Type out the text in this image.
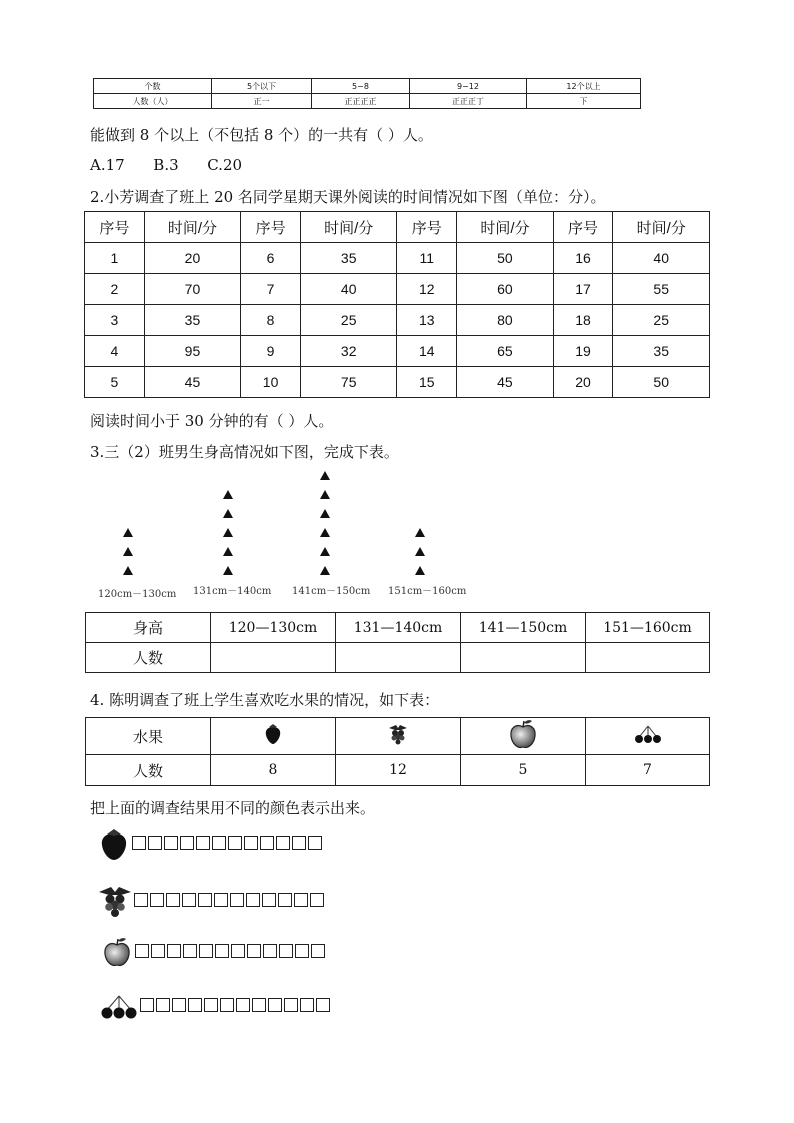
个数	5个以下	5−8	9−12	12个以上
人数（人）	正一	正正正正	正正正丁	下
能做到 8 个以上（不包括 8 个）的一共有（ ）人。
A.17      B.3      C.20
2.小芳调查了班上 20 名同学星期天课外阅读的时间情况如下图（单位：分）。
序号	时间/分	序号	时间/分	序号	时间/分	序号	时间/分
1	20	6	35	11	50	16	40
2	70	7	40	12	60	17	55
3	35	8	25	13	80	18	25
4	95	9	32	14	65	19	35
5	45	10	75	15	45	20	50
阅读时间小于 30 分钟的有（ ）人。
3.三（2）班男生身高情况如下图，完成下表。
120cm－130cm 131cm－140cm 141cm－150cm 151cm－160cm
身高	120—130cm	131—140cm	141—150cm	151—160cm
人数				
4. 陈明调查了班上学生喜欢吃水果的情况，如下表：
水果				
人数	8	12	5	7
把上面的调查结果用不同的颜色表示出来。
